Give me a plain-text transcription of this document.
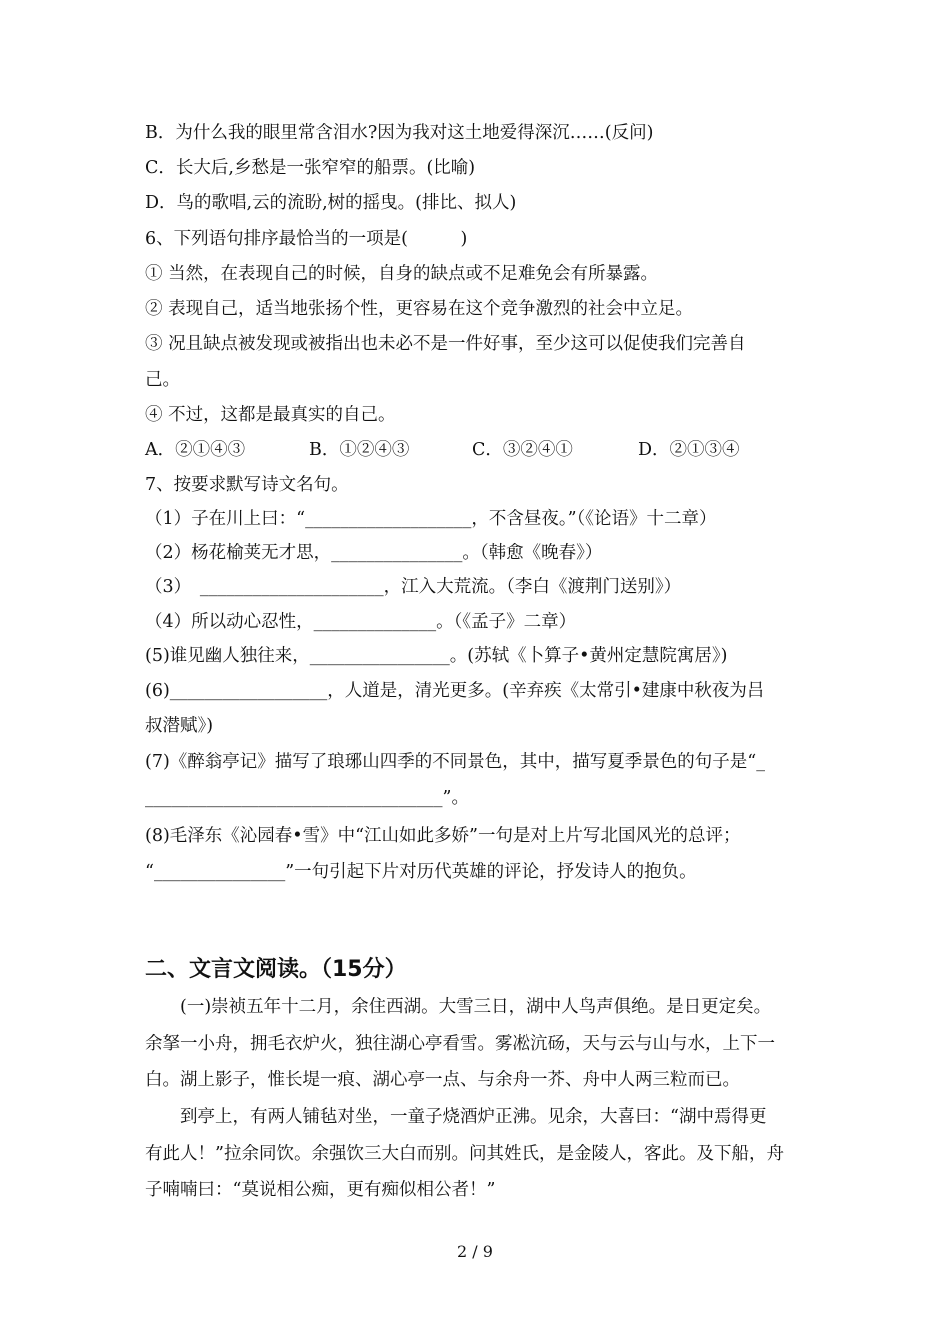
B．为什么我的眼里常含泪水?因为我对这土地爱得深沉……(反问)
C．长大后,乡愁是一张窄窄的船票。(比喻)
D．鸟的歌唱,云的流盼,树的摇曳。(排比、拟人)
6、下列语句排序最恰当的一项是(　　　)
① 当然，在表现自己的时候，自身的缺点或不足难免会有所暴露。
② 表现自己，适当地张扬个性，更容易在这个竞争激烈的社会中立足。
③ 况且缺点被发现或被指出也未必不是一件好事，至少这可以促使我们完善自
己。
④ 不过，这都是最真实的自己。
A．②①④③	B．①②④③	C．③②④①	D．②①③④
7、按要求默写诗文名句。
（1）子在川上曰：“___________________，不含昼夜。”（《论语》十二章）
（2）杨花榆荚无才思，_______________。（韩愈《晚春》）
（3）　_____________________，江入大荒流。（李白《渡荆门送别》）
（4）所以动心忍性，______________。（《孟子》二章）
(5)谁见幽人独往来，________________。(苏轼《卜算子•黄州定慧院寓居》)
(6)__________________，人道是，清光更多。(辛弃疾《太常引•建康中秋夜为吕
叔潜赋》)
(7)《醉翁亭记》描写了琅琊山四季的不同景色，其中，描写夏季景色的句子是“_
__________________________________”。
(8)毛泽东《沁园春•雪》中“江山如此多娇”一句是对上片写北国风光的总评；
“_______________”一句引起下片对历代英雄的评论，抒发诗人的抱负。
二、文言文阅读。（15分）
(一)崇祯五年十二月，余住西湖。大雪三日，湖中人鸟声俱绝。是日更定矣。
余拏一小舟，拥毛衣炉火，独往湖心亭看雪。雾凇沆砀，天与云与山与水，上下一
白。湖上影子，惟长堤一痕、湖心亭一点、与余舟一芥、舟中人两三粒而已。
到亭上，有两人铺毡对坐，一童子烧酒炉正沸。见余，大喜曰：“湖中焉得更
有此人！”拉余同饮。余强饮三大白而别。问其姓氏，是金陵人，客此。及下船，舟
子喃喃曰：“莫说相公痴，更有痴似相公者！”
2 / 9
